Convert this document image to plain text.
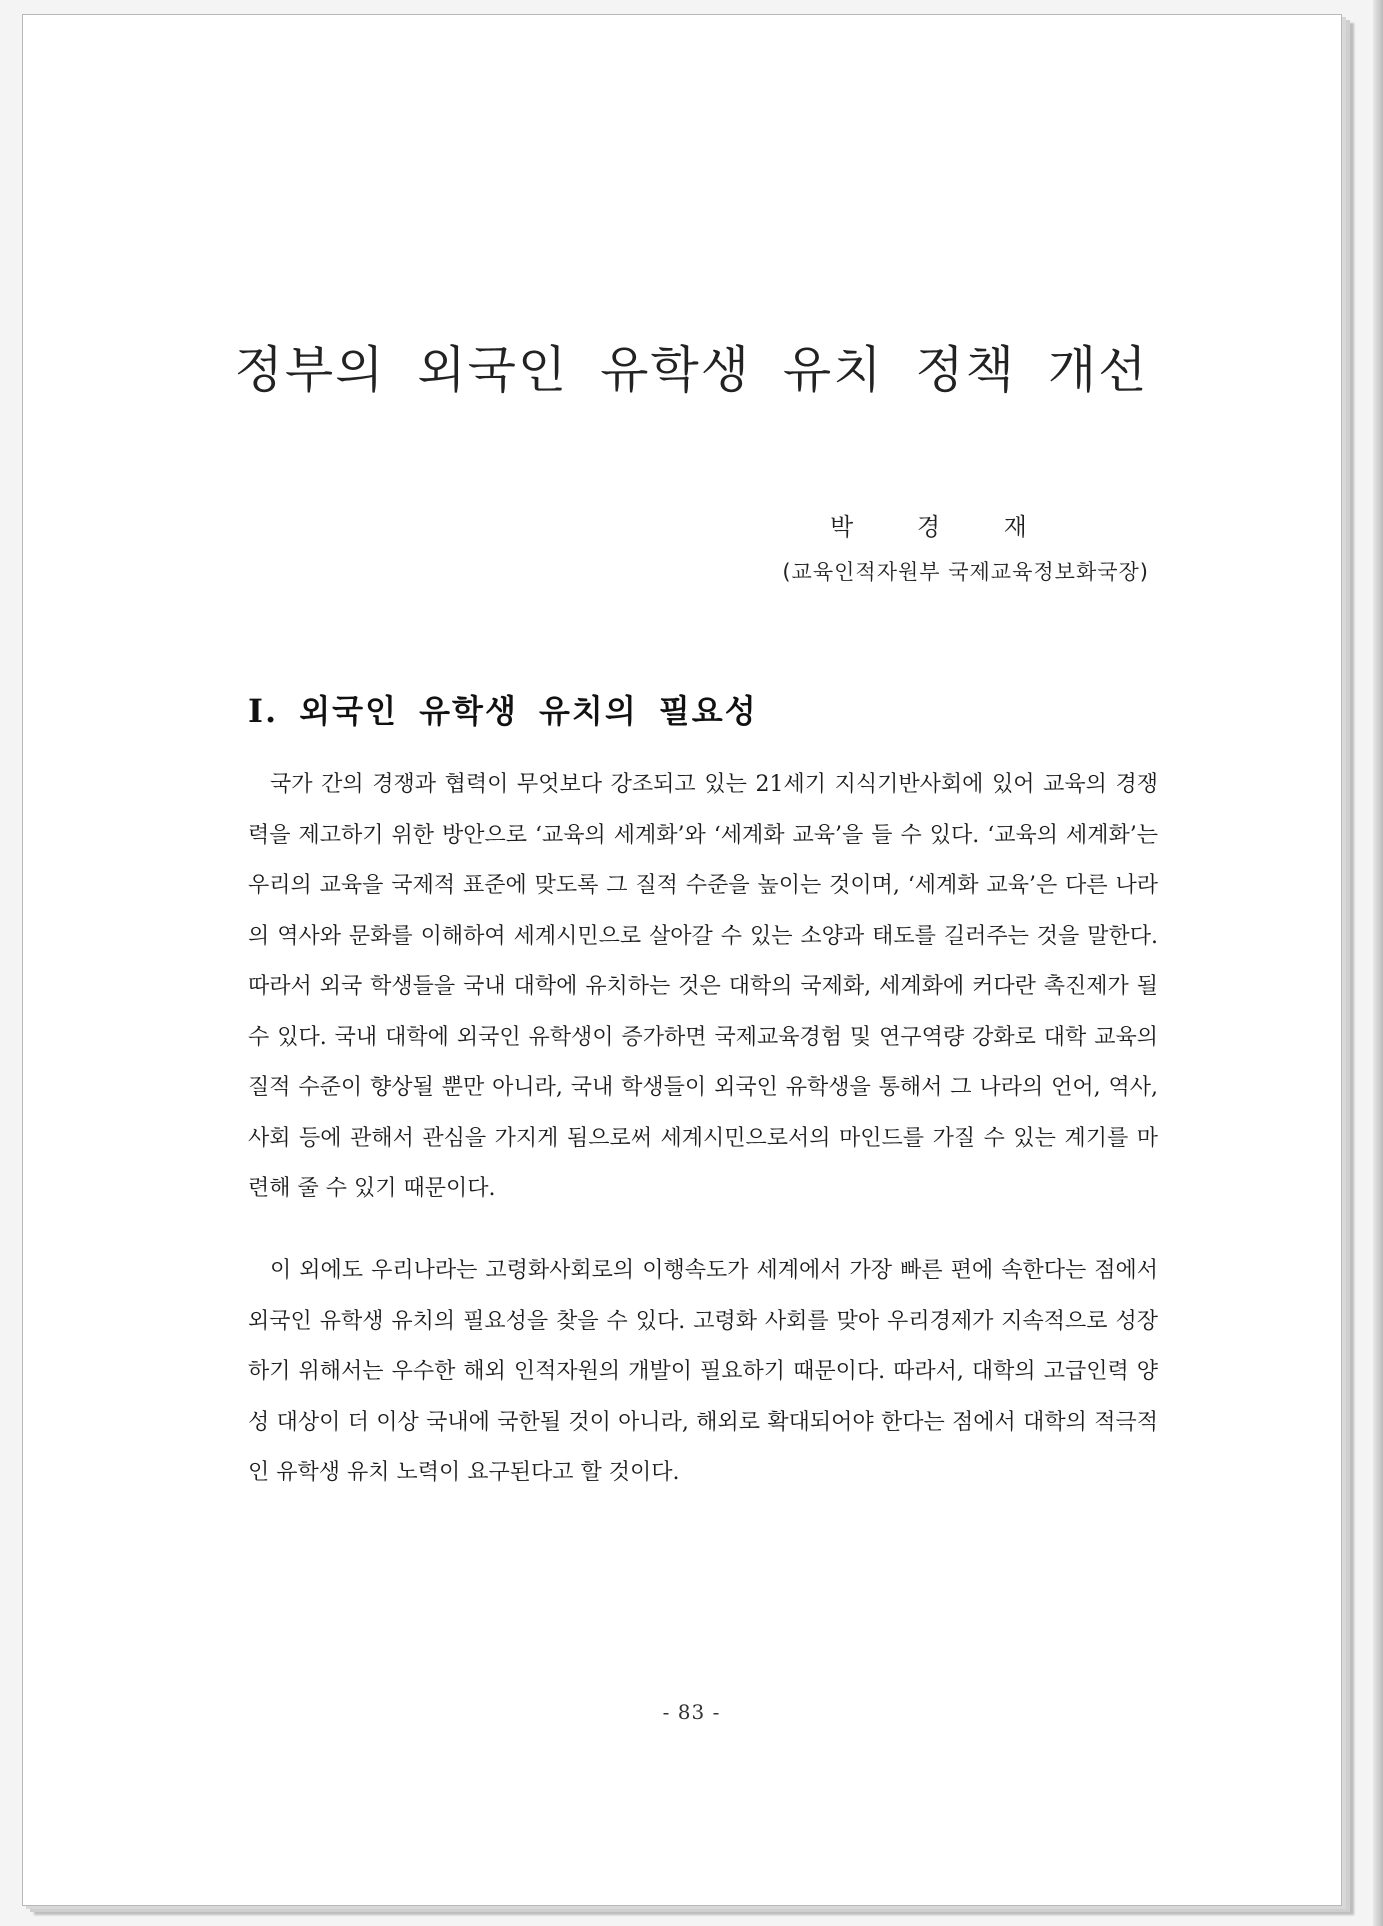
정부의 외국인 유학생 유치 정책 개선
박 경 재
(교육인적자원부 국제교육정보화국장)
Ⅰ. 외국인 유학생 유치의 필요성

국가 간의 경쟁과 협력이 무엇보다 강조되고 있는 21세기 지식기반사회에 있어 교육의 경쟁력을 제고하기 위한 방안으로 ‘교육의 세계화’와 ‘세계화 교육’을 들 수 있다. ‘교육의 세계화’는 우리의 교육을 국제적 표준에 맞도록 그 질적 수준을 높이는 것이며, ‘세계화 교육’은 다른 나라의 역사와 문화를 이해하여 세계시민으로 살아갈 수 있는 소양과 태도를 길러주는 것을 말한다. 따라서 외국 학생들을 국내 대학에 유치하는 것은 대학의 국제화, 세계화에 커다란 촉진제가 될 수 있다. 국내 대학에 외국인 유학생이 증가하면 국제교육경험 및 연구역량 강화로 대학 교육의 질적 수준이 향상될 뿐만 아니라, 국내 학생들이 외국인 유학생을 통해서 그 나라의 언어, 역사, 사회 등에 관해서 관심을 가지게 됨으로써 세계시민으로서의 마인드를 가질 수 있는 계기를 마련해 줄 수 있기 때문이다.

이 외에도 우리나라는 고령화사회로의 이행속도가 세계에서 가장 빠른 편에 속한다는 점에서 외국인 유학생 유치의 필요성을 찾을 수 있다. 고령화 사회를 맞아 우리경제가 지속적으로 성장하기 위해서는 우수한 해외 인적자원의 개발이 필요하기 때문이다. 따라서, 대학의 고급인력 양성 대상이 더 이상 국내에 국한될 것이 아니라, 해외로 확대되어야 한다는 점에서 대학의 적극적인 유학생 유치 노력이 요구된다고 할 것이다.

- 83 -
